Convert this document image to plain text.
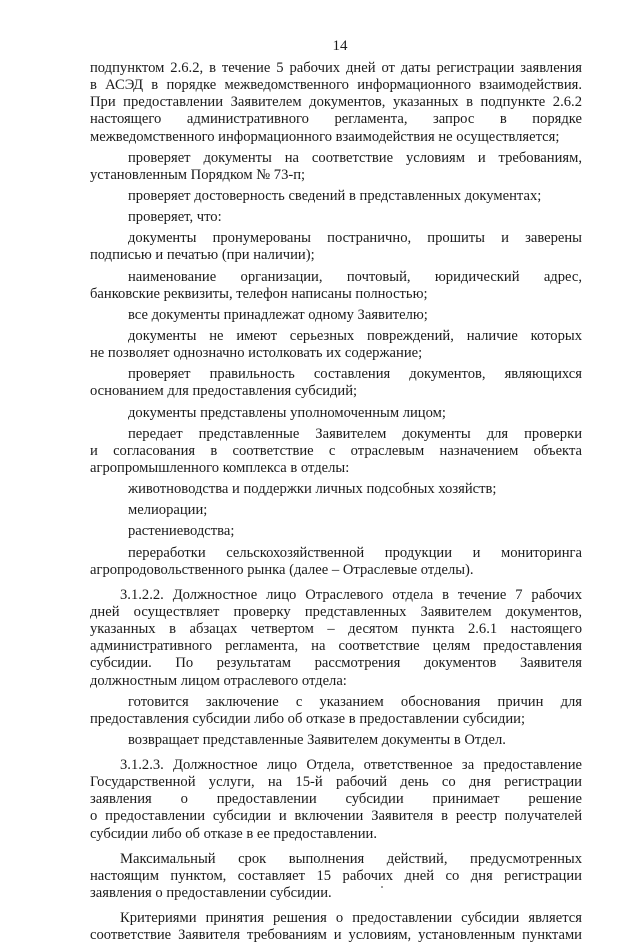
14
подпунктом 2.6.2, в течение 5 рабочих дней от даты регистрации заявления
в АСЭД в порядке межведомственного информационного взаимодействия.
При предоставлении Заявителем документов, указанных в подпункте 2.6.2
настоящего административного регламента, запрос в порядке
межведомственного информационного взаимодействия не осуществляется;
проверяет документы на соответствие условиям и требованиям,
установленным Порядком № 73-п;
проверяет достоверность сведений в представленных документах;
проверяет, что:
документы пронумерованы постранично, прошиты и заверены
подписью и печатью (при наличии);
наименование организации, почтовый, юридический адрес,
банковские реквизиты, телефон написаны полностью;
все документы принадлежат одному Заявителю;
документы не имеют серьезных повреждений, наличие которых
не позволяет однозначно истолковать их содержание;
проверяет правильность составления документов, являющихся
основанием для предоставления субсидий;
документы представлены уполномоченным лицом;
передает представленные Заявителем документы для проверки
и согласования в соответствие с отраслевым назначением объекта
агропромышленного комплекса в отделы:
животноводства и поддержки личных подсобных хозяйств;
мелиорации;
растениеводства;
переработки сельскохозяйственной продукции и мониторинга
агропродовольственного рынка (далее – Отраслевые отделы).
3.1.2.2. Должностное лицо Отраслевого отдела в течение 7 рабочих
дней осуществляет проверку представленных Заявителем документов,
указанных в абзацах четвертом – десятом пункта 2.6.1 настоящего
административного регламента, на соответствие целям предоставления
субсидии. По результатам рассмотрения документов Заявителя
должностным лицом отраслевого отдела:
готовится заключение с указанием обоснования причин для
предоставления субсидии либо об отказе в предоставлении субсидии;
возвращает представленные Заявителем документы в Отдел.
3.1.2.3. Должностное лицо Отдела, ответственное за предоставление
Государственной услуги, на 15-й рабочий день со дня регистрации
заявления о предоставлении субсидии принимает решение
о предоставлении субсидии и включении Заявителя в реестр получателей
субсидии либо об отказе в ее предоставлении.
Максимальный срок выполнения действий, предусмотренных
настоящим пунктом, составляет 15 рабочих дней со дня регистрации
заявления о предоставлении субсидии.
Критериями принятия решения о предоставлении субсидии является
соответствие Заявителя требованиям и условиям, установленным пунктами
